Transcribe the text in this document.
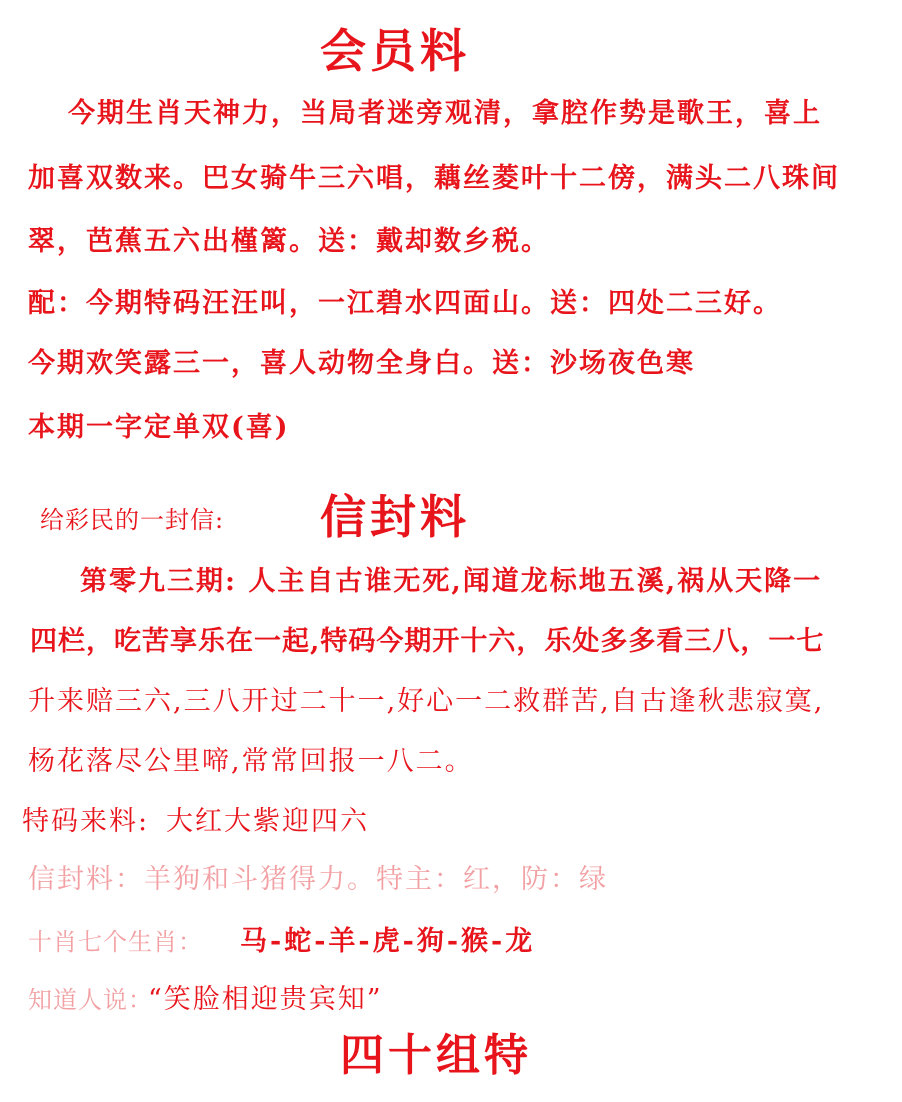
会员料
今期生肖天神力，当局者迷旁观清，拿腔作势是歌王，喜上
加喜双数来。巴女骑牛三六唱，藕丝菱叶十二傍，满头二八珠间
翠，芭蕉五六出槿篱。送：戴却数乡税。
配：今期特码汪汪叫，一江碧水四面山。送：四处二三好。
今期欢笑露三一，喜人动物全身白。送：沙场夜色寒
本期一字定单双(喜)
给彩民的一封信: 信封料
第零九三期: 人主自古谁无死,闻道龙标地五溪,祸从天降一
四栏，吃苦享乐在一起,特码今期开十六，乐处多多看三八，一七
升来赔三六,三八开过二十一,好心一二救群苦,自古逢秋悲寂寞,
杨花落尽公里啼,常常回报一八二。
特码来料: 大红大紫迎四六
信封料：羊狗和斗猪得力。特主：红，防：绿
十肖七个生肖： 马-蛇-羊-虎-狗-猴-龙
知道人说：
“笑脸相迎贵宾知”
四十组特
